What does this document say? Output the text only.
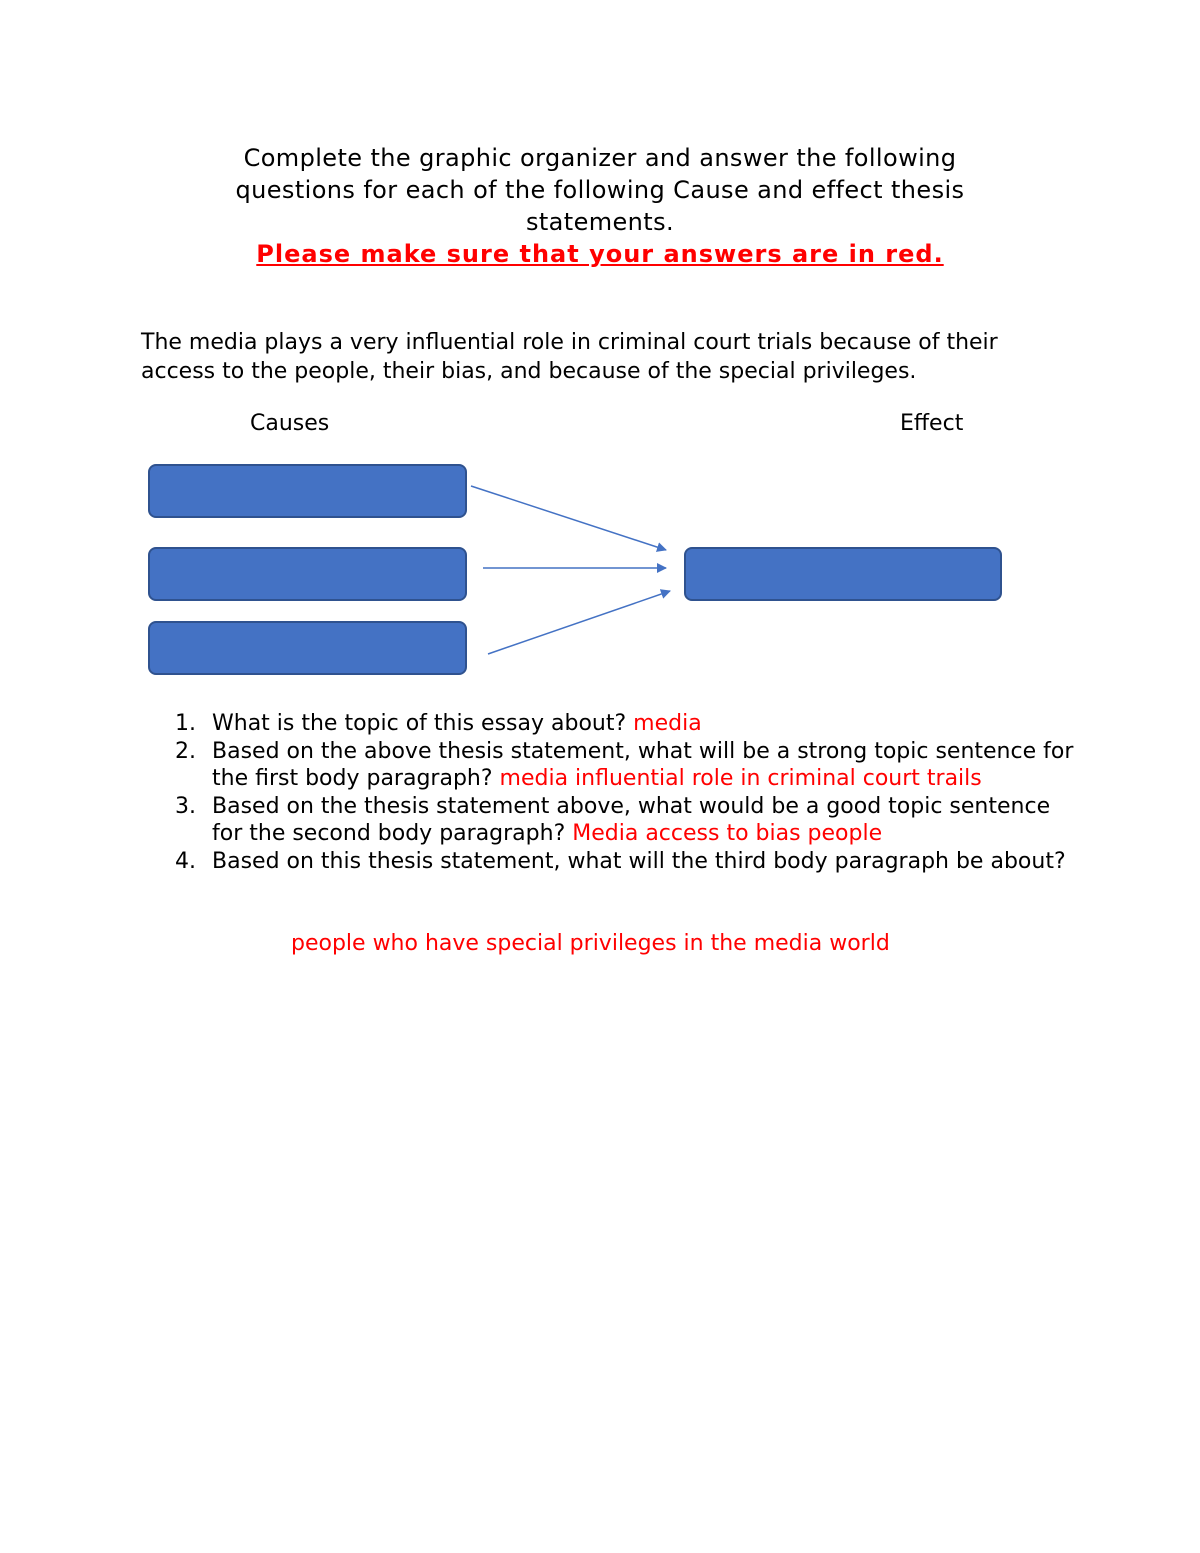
Complete the graphic organizer and answer the following
questions for each of the following Cause and effect thesis
statements.
Please make sure that your answers are in red.
The media plays a very influential role in criminal court trials because of their
access to the people, their bias, and because of the special privileges.
Causes	Effect
1. What is the topic of this essay about? media
2. Based on the above thesis statement, what will be a strong topic sentence for the first body paragraph? media influential role in criminal court trails
3. Based on the thesis statement above, what would be a good topic sentence for the second body paragraph? Media access to bias people
4. Based on this thesis statement, what will the third body paragraph be about?
people who have special privileges in the media world
